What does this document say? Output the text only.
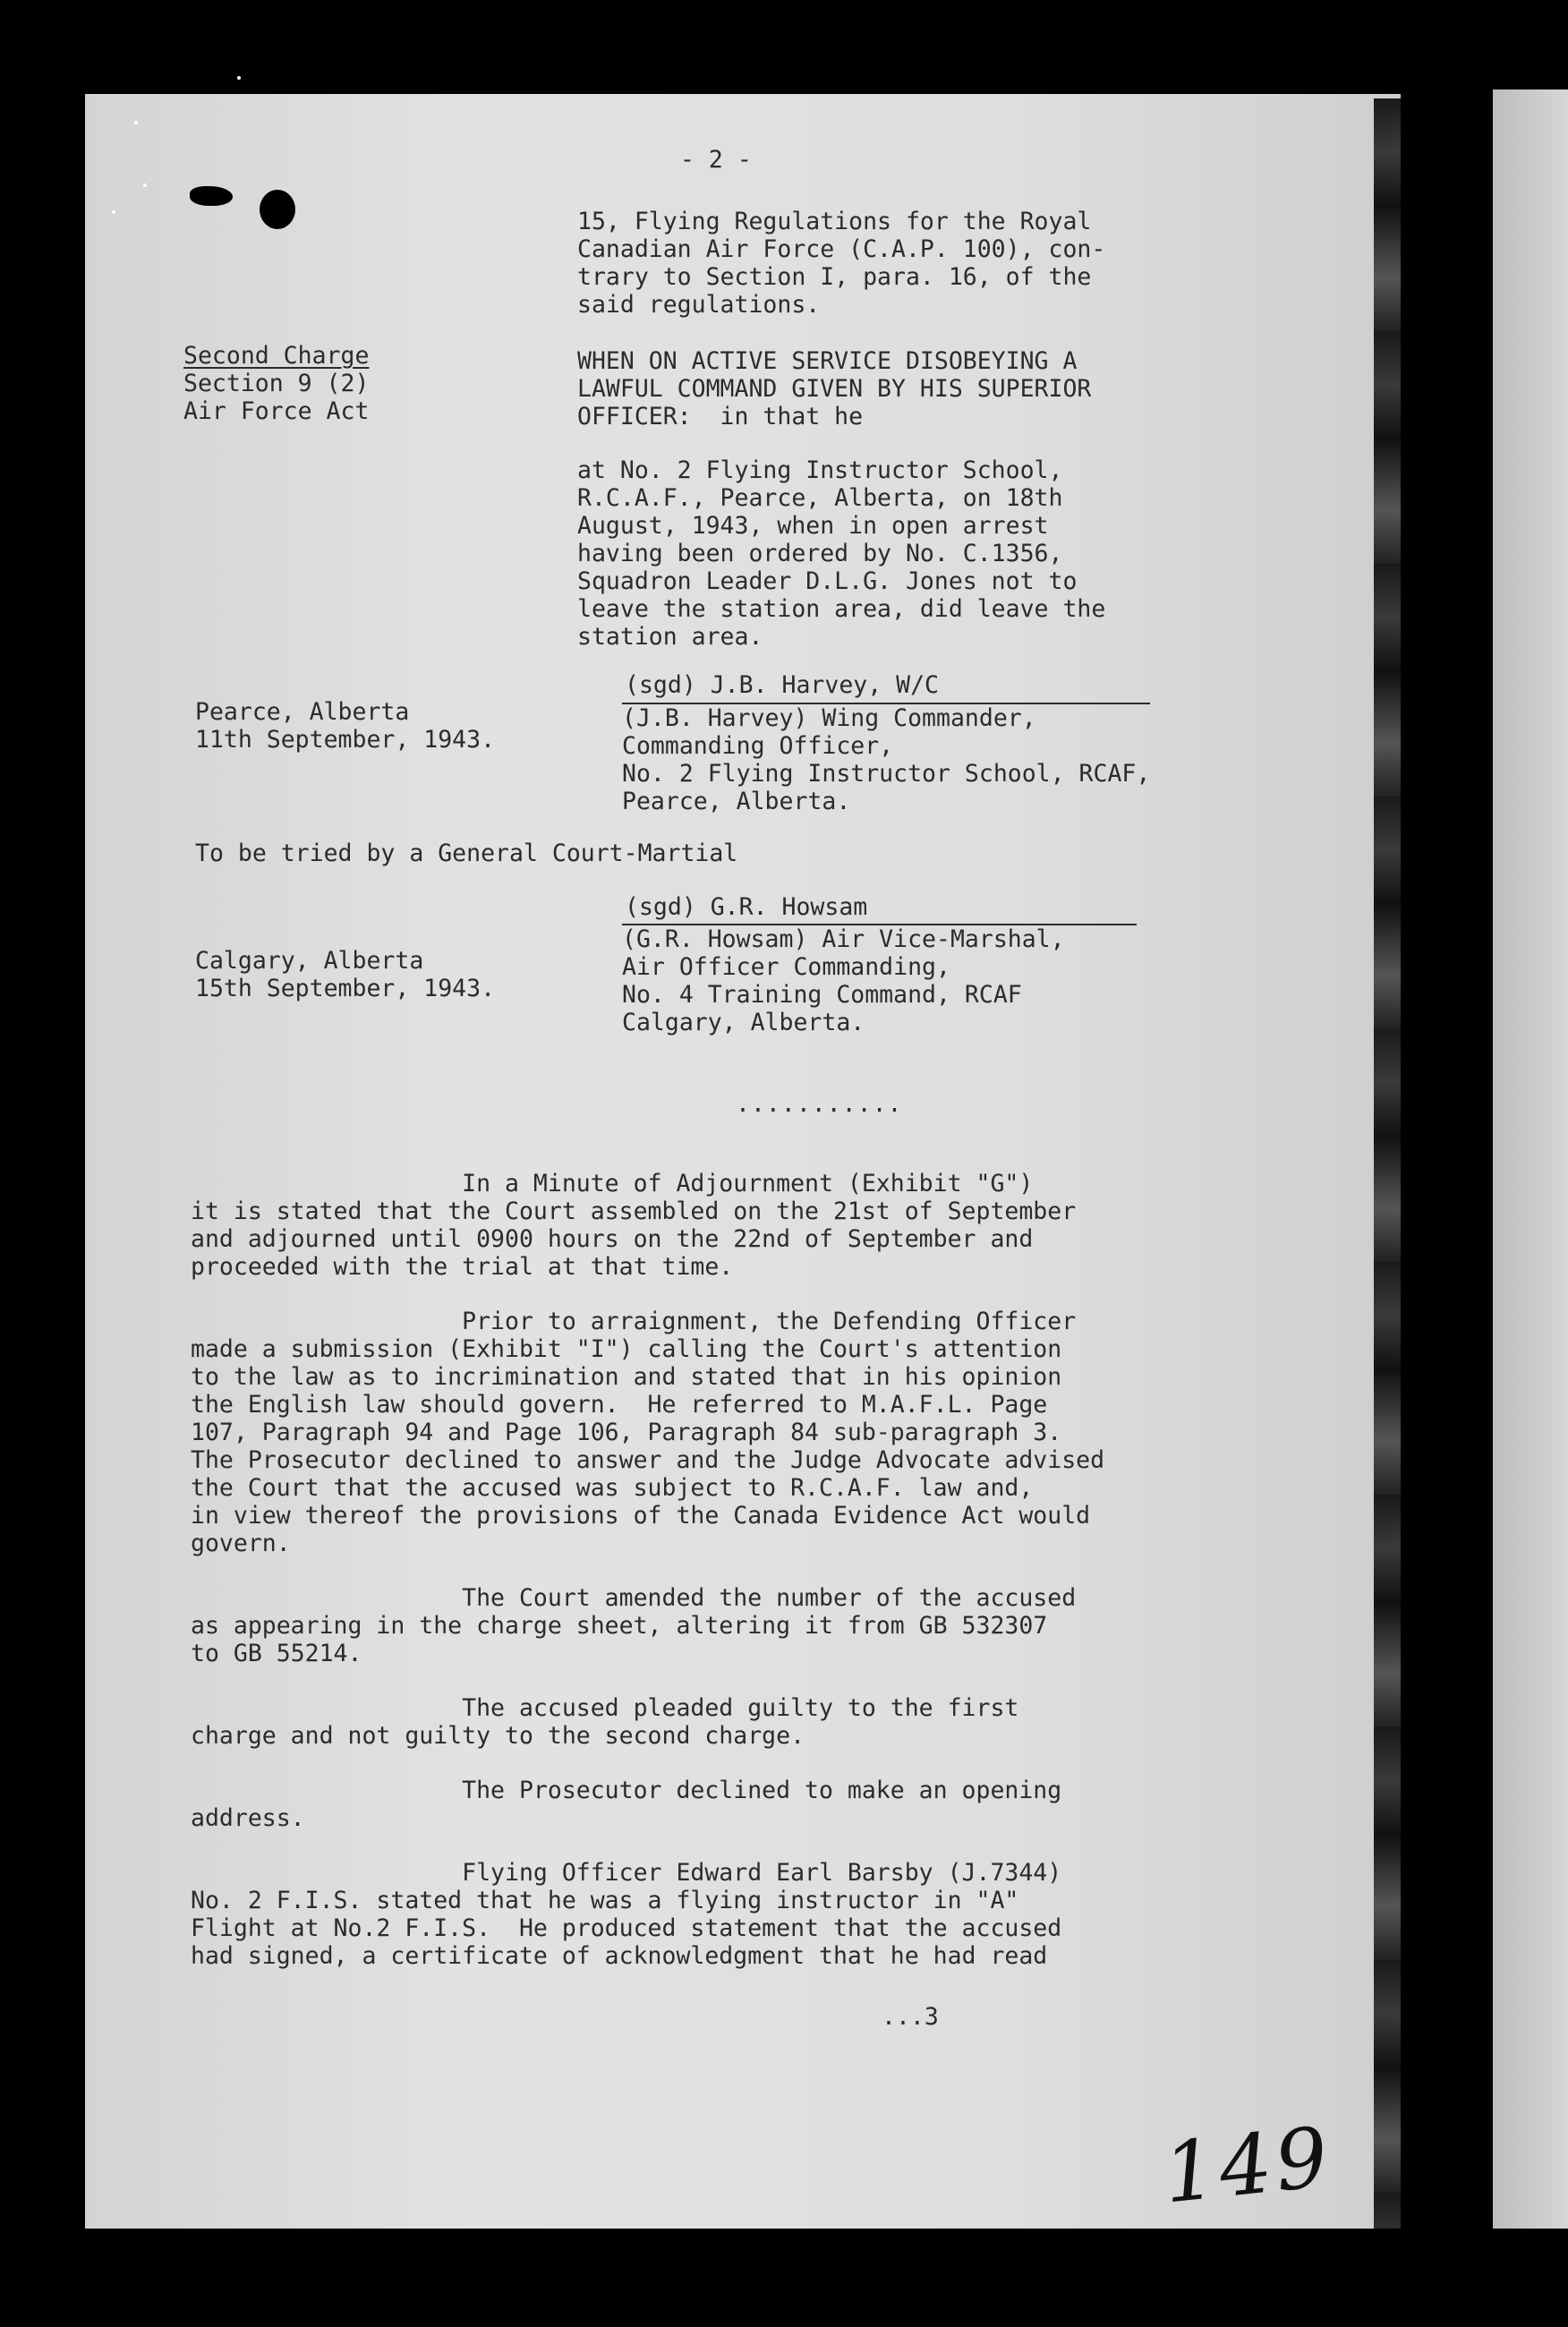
- 2 -
15, Flying Regulations for the Royal
Canadian Air Force (C.A.P. 100), con-
trary to Section I, para. 16, of the
said regulations.
Second Charge
Section 9 (2)
Air Force Act
WHEN ON ACTIVE SERVICE DISOBEYING A
LAWFUL COMMAND GIVEN BY HIS SUPERIOR
OFFICER:  in that he
at No. 2 Flying Instructor School,
R.C.A.F., Pearce, Alberta, on 18th
August, 1943, when in open arrest
having been ordered by No. C.1356,
Squadron Leader D.L.G. Jones not to
leave the station area, did leave the
station area.
Pearce, Alberta
11th September, 1943.
(sgd) J.B. Harvey, W/C
(J.B. Harvey) Wing Commander,
Commanding Officer,
No. 2 Flying Instructor School, RCAF,
Pearce, Alberta.
To be tried by a General Court-Martial
(sgd) G.R. Howsam
(G.R. Howsam) Air Vice-Marshal,
Air Officer Commanding,
No. 4 Training Command, RCAF
Calgary, Alberta.
Calgary, Alberta
15th September, 1943.
...........
In a Minute of Adjournment (Exhibit "G")
it is stated that the Court assembled on the 21st of September
and adjourned until 0900 hours on the 22nd of September and
proceeded with the trial at that time.
Prior to arraignment, the Defending Officer
made a submission (Exhibit "I") calling the Court's attention
to the law as to incrimination and stated that in his opinion
the English law should govern.  He referred to M.A.F.L. Page
107, Paragraph 94 and Page 106, Paragraph 84 sub-paragraph 3.
The Prosecutor declined to answer and the Judge Advocate advised
the Court that the accused was subject to R.C.A.F. law and,
in view thereof the provisions of the Canada Evidence Act would
govern.
The Court amended the number of the accused
as appearing in the charge sheet, altering it from GB 532307
to GB 55214.
The accused pleaded guilty to the first
charge and not guilty to the second charge.
The Prosecutor declined to make an opening
address.
Flying Officer Edward Earl Barsby (J.7344)
No. 2 F.I.S. stated that he was a flying instructor in "A"
Flight at No.2 F.I.S.  He produced statement that the accused
had signed, a certificate of acknowledgment that he had read
...3
149
